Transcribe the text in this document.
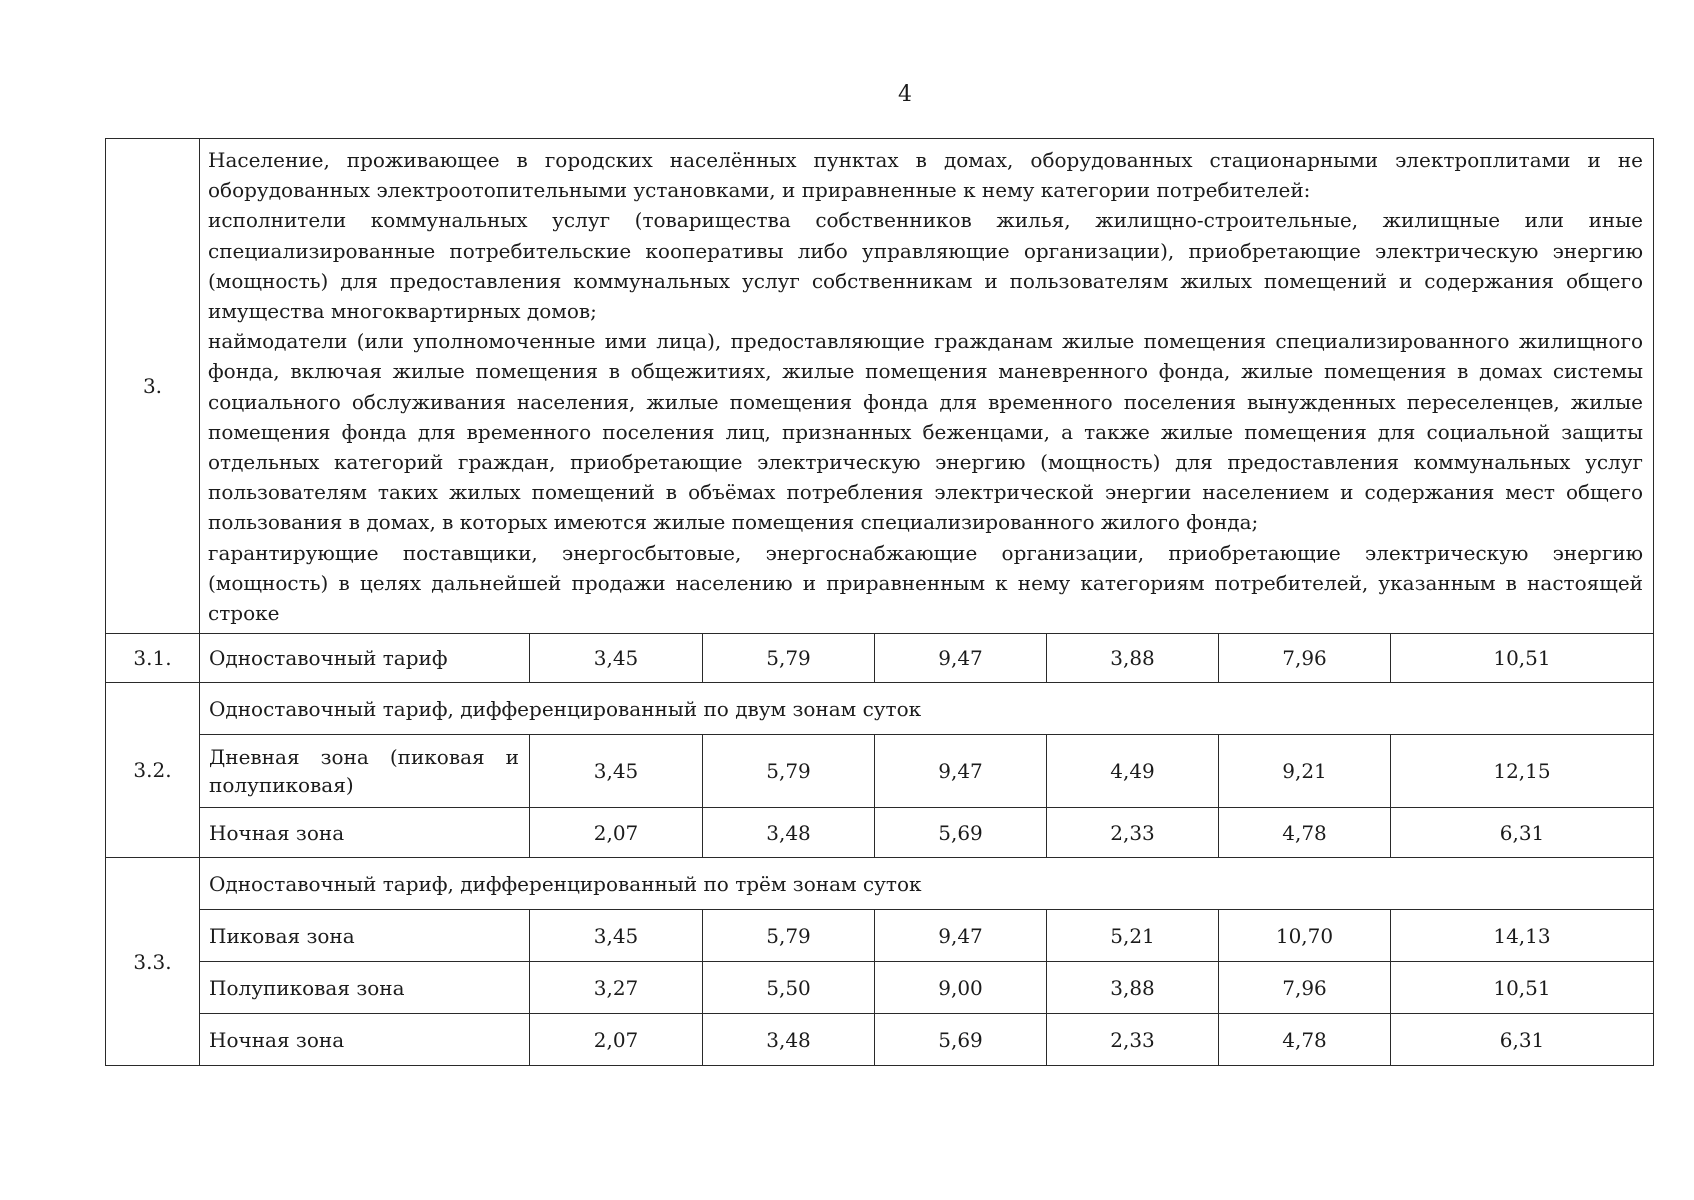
4
3.	Население, проживающее в городских населённых пунктах в домах, оборудованных стационарными электроплитами и не оборудованных электроотопительными установками, и приравненные к нему категории потребителей:

исполнители коммунальных услуг (товарищества собственников жилья, жилищно-строительные, жилищные или иные специализированные потребительские кооперативы либо управляющие организации), приобретающие электрическую энергию (мощность) для предоставления коммунальных услуг собственникам и пользователям жилых помещений и содержания общего имущества многоквартирных домов;

наймодатели (или уполномоченные ими лица), предоставляющие гражданам жилые помещения специализированного жилищного фонда, включая жилые помещения в общежитиях, жилые помещения маневренного фонда, жилые помещения в домах системы социального обслуживания населения, жилые помещения фонда для временного поселения вынужденных переселенцев, жилые помещения фонда для временного поселения лиц, признанных беженцами, а также жилые помещения для социальной защиты отдельных категорий граждан, приобретающие электрическую энергию (мощность) для предоставления коммунальных услуг пользователям таких жилых помещений в объёмах потребления электрической энергии населением и содержания мест общего пользования в домах, в которых имеются жилые помещения специализированного жилого фонда;

гарантирующие поставщики, энергосбытовые, энергоснабжающие организации, приобретающие электрическую энергию (мощность) в целях дальнейшей продажи населению и приравненным к нему категориям потребителей, указанным в настоящей строке						

3.1.	Одноставочный тариф	3,45	5,79	9,47	3,88	7,96	10,51
3.2.	Одноставочный тариф, дифференцированный по двум зонам суток						
	Дневная зона (пиковая и полупиковая)	3,45	5,79	9,47	4,49	9,21	12,15
	Ночная зона	2,07	3,48	5,69	2,33	4,78	6,31
3.3.	Одноставочный тариф, дифференцированный по трём зонам суток						
	Пиковая зона	3,45	5,79	9,47	5,21	10,70	14,13
	Полупиковая зона	3,27	5,50	9,00	3,88	7,96	10,51
	Ночная зона	2,07	3,48	5,69	2,33	4,78	6,31
